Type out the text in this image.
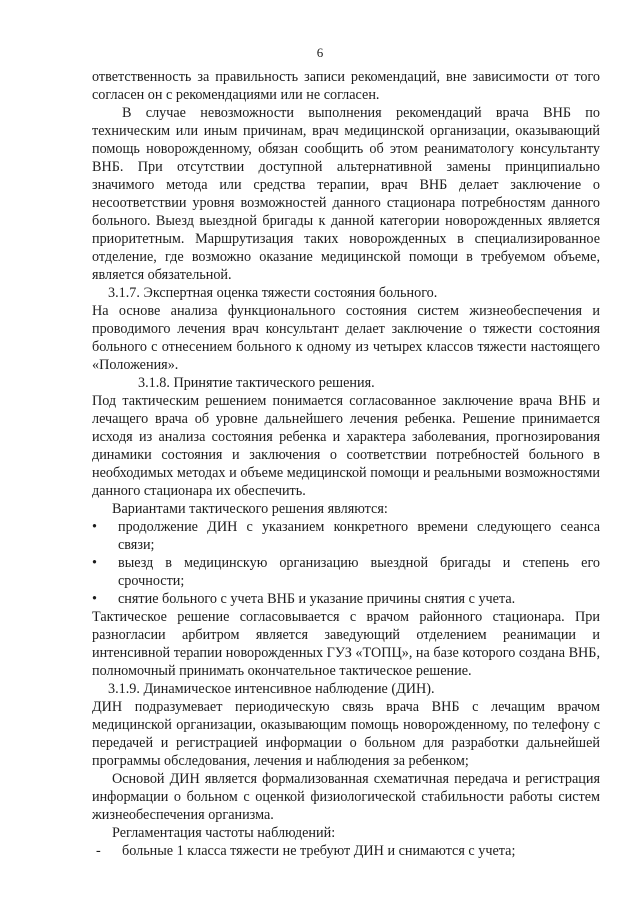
6

ответственность за правильность записи рекомендаций, вне зависимости от того согласен он с рекомендациями или не согласен.

В случае невозможности выполнения рекомендаций врача ВНБ по техническим или иным причинам, врач медицинской организации, оказывающий помощь новорожденному, обязан сообщить об этом реаниматологу консультанту ВНБ. При отсутствии доступной альтернативной замены принципиально значимого метода или средства терапии, врач ВНБ делает заключение о несоответствии уровня возможностей данного стационара потребностям данного больного. Выезд выездной бригады к данной категории новорожденных является приоритетным. Маршрутизация таких новорожденных в специализированное отделение, где возможно оказание медицинской помощи в требуемом объеме, является обязательной.

3.1.7. Экспертная оценка тяжести состояния больного.

На основе анализа функционального состояния систем жизнеобеспечения и проводимого лечения врач консультант делает заключение о тяжести состояния больного с отнесением больного к одному из четырех классов тяжести настоящего «Положения».

3.1.8. Принятие тактического решения.

Под тактическим решением понимается согласованное заключение врача ВНБ и лечащего врача об уровне дальнейшего лечения ребенка. Решение принимается исходя из анализа состояния ребенка и характера заболевания, прогнозирования динамики состояния и заключения о соответствии потребностей больного в необходимых методах и объеме медицинской помощи и реальными возможностями данного стационара их обеспечить.

Вариантами тактического решения являются:

• продолжение ДИН с указанием конкретного времени следующего сеанса связи;
• выезд в медицинскую организацию выездной бригады и степень его срочности;
• снятие больного с учета ВНБ и указание причины снятия с учета.

Тактическое решение согласовывается с врачом районного стационара. При разногласии арбитром является заведующий отделением реанимации и интенсивной терапии новорожденных ГУЗ «ТОПЦ», на базе которого создана ВНБ, полномочный принимать окончательное тактическое решение.

3.1.9. Динамическое интенсивное наблюдение (ДИН).

ДИН подразумевает периодическую связь врача ВНБ с лечащим врачом медицинской организации, оказывающим помощь новорожденному, по телефону с передачей и регистрацией информации о больном для разработки дальнейшей программы обследования, лечения и наблюдения за ребенком;

Основой ДИН является формализованная схематичная передача и регистрация информации о больном с оценкой физиологической стабильности работы систем жизнеобеспечения организма.

Регламентация частоты наблюдений:

- больные 1 класса тяжести не требуют ДИН и снимаются с учета;
